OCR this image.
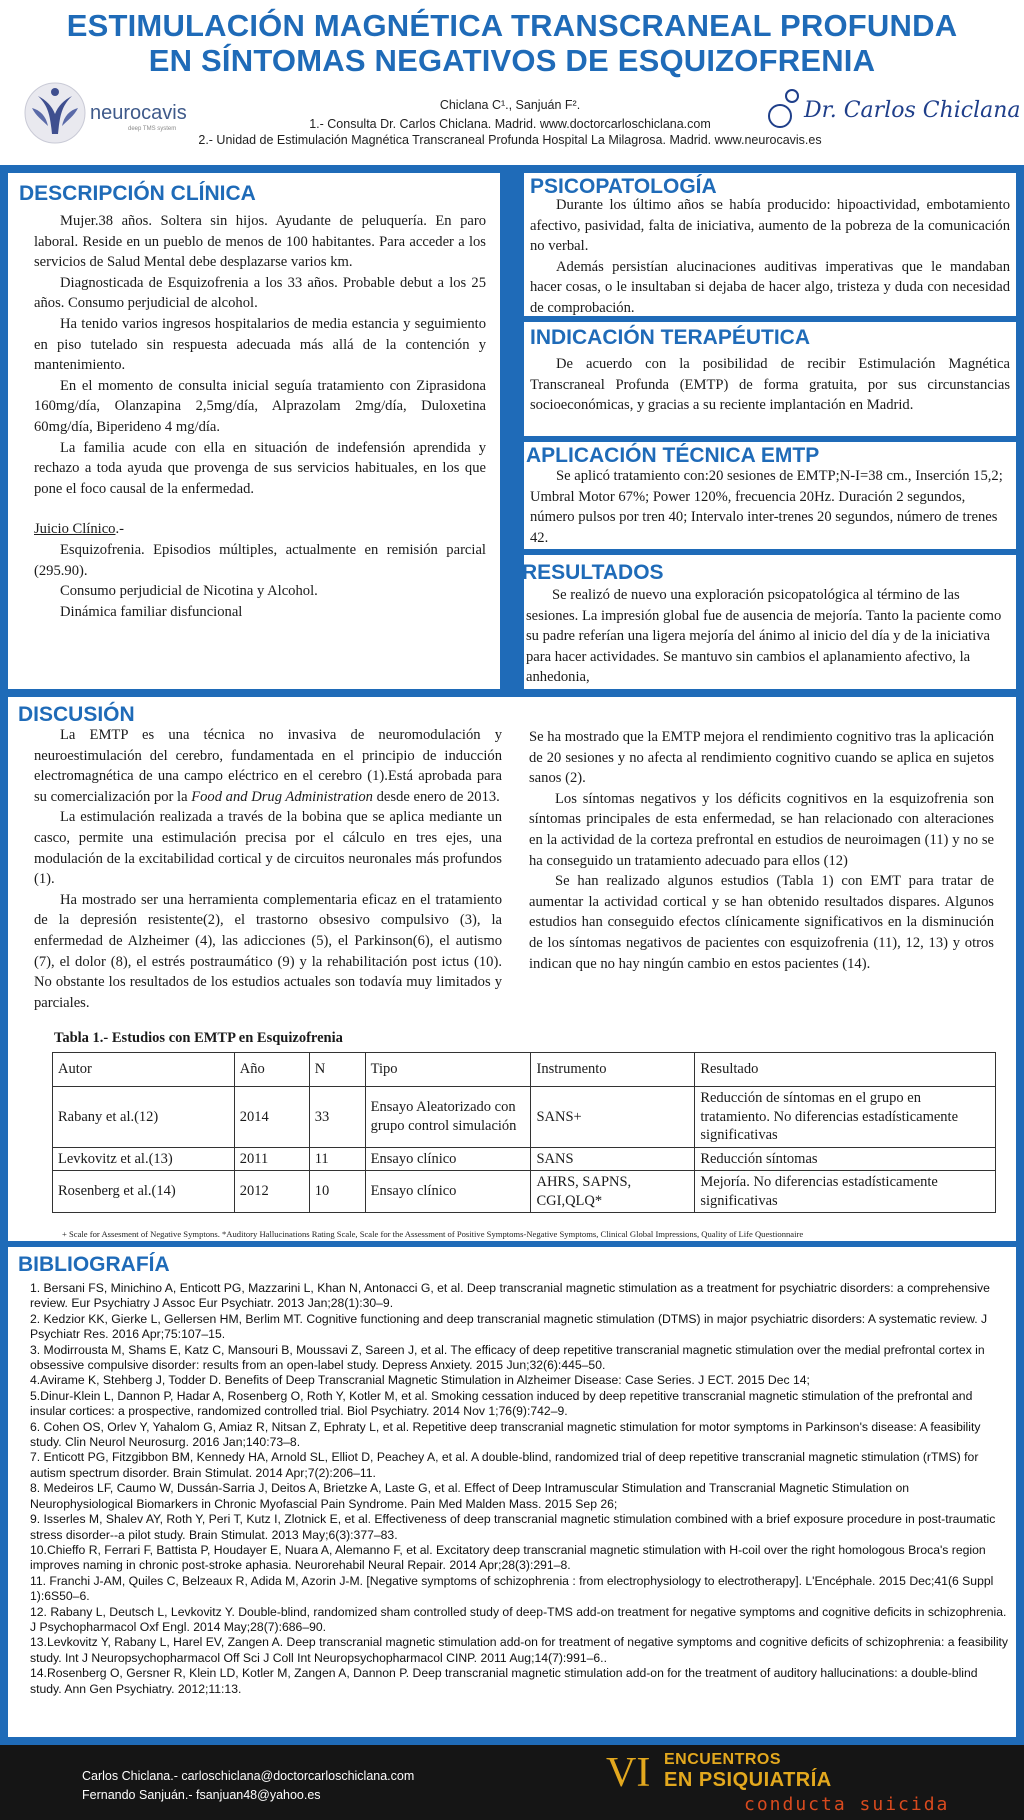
ESTIMULACIÓN MAGNÉTICA TRANSCRANEAL PROFUNDA
EN SÍNTOMAS NEGATIVOS DE ESQUIZOFRENIA
neurocavis
deep TMS system
Chiclana C¹., Sanjuán F².
1.- Consulta Dr. Carlos Chiclana. Madrid. www.doctorcarloschiclana.com
2.- Unidad de Estimulación Magnética Transcraneal Profunda Hospital La Milagrosa. Madrid. www.neurocavis.es
Dr. Carlos Chiclana
DESCRIPCIÓN CLÍNICA

Mujer.38 años. Soltera sin hijos. Ayudante de peluquería. En paro laboral. Reside en un pueblo de menos de 100 habitantes. Para acceder a los servicios de Salud Mental debe desplazarse varios km.

Diagnosticada de Esquizofrenia a los 33 años. Probable debut a los 25 años. Consumo perjudicial de alcohol.

Ha tenido varios ingresos hospitalarios de media estancia y seguimiento en piso tutelado sin respuesta adecuada más allá de la contención y mantenimiento.

En el momento de consulta inicial seguía tratamiento con Ziprasidona 160mg/día, Olanzapina 2,5mg/día, Alprazolam 2mg/día, Duloxetina 60mg/día, Biperideno 4 mg/día.

La familia acude con ella en situación de indefensión aprendida y rechazo a toda ayuda que provenga de sus servicios habituales, en los que pone el foco causal de la enfermedad.

Juicio Clínico.-

Esquizofrenia. Episodios múltiples, actualmente en remisión parcial (295.90).

Consumo perjudicial de Nicotina y Alcohol.

Dinámica familiar disfuncional

PSICOPATOLOGÍA

Durante los último años se había producido: hipoactividad, embotamiento afectivo, pasividad, falta de iniciativa, aumento de la pobreza de la comunicación no verbal.

Además persistían alucinaciones auditivas imperativas que le mandaban hacer cosas, o le insultaban si dejaba de hacer algo, tristeza y duda con necesidad de comprobación.

INDICACIÓN TERAPÉUTICA

De acuerdo con la posibilidad de recibir Estimulación Magnética Transcraneal Profunda (EMTP) de forma gratuita, por sus circunstancias socioeconómicas, y gracias a su reciente implantación en Madrid.

APLICACIÓN TÉCNICA EMTP

Se aplicó tratamiento con:20 sesiones de EMTP;N-I=38 cm., Inserción 15,2; Umbral Motor 67%; Power 120%, frecuencia 20Hz. Duración 2 segundos, número pulsos por tren 40; Intervalo inter-trenes 20 segundos, número de trenes 42.

RESULTADOS

Se realizó de nuevo una exploración psicopatológica al término de las sesiones. La impresión global fue de ausencia de mejoría. Tanto la paciente como su padre referían una ligera mejoría del ánimo al inicio del día y de la iniciativa para hacer actividades. Se mantuvo sin cambios el aplanamiento afectivo, la anhedonia,

DISCUSIÓN

La EMTP es una técnica no invasiva de neuromodulación y neuroestimulación del cerebro, fundamentada en el principio de inducción electromagnética de una campo eléctrico en el cerebro (1).Está aprobada para su comercialización por la Food and Drug Administration desde enero de 2013.

La estimulación realizada a través de la bobina que se aplica mediante un casco, permite una estimulación precisa por el cálculo en tres ejes, una modulación de la excitabilidad cortical y de circuitos neuronales más profundos (1).

Ha mostrado ser una herramienta complementaria eficaz en el tratamiento de la depresión resistente(2), el trastorno obsesivo compulsivo (3), la enfermedad de Alzheimer (4), las adicciones (5), el Parkinson(6), el autismo (7), el dolor (8), el estrés postraumático (9) y la rehabilitación post ictus (10). No obstante los resultados de los estudios actuales son todavía muy limitados y parciales.

Se ha mostrado que la EMTP mejora el rendimiento cognitivo tras la aplicación de 20 sesiones y no afecta al rendimiento cognitivo cuando se aplica en sujetos sanos (2).

Los síntomas negativos y los déficits cognitivos en la esquizofrenia son síntomas principales de esta enfermedad, se han relacionado con alteraciones en la actividad de la corteza prefrontal en estudios de neuroimagen (11) y no se ha conseguido un tratamiento adecuado para ellos (12)

Se han realizado algunos estudios (Tabla 1) con EMT para tratar de aumentar la actividad cortical y se han obtenido resultados dispares. Algunos estudios han conseguido efectos clínicamente significativos en la disminución de los síntomas negativos de pacientes con esquizofrenia (11), 12, 13) y otros indican que no hay ningún cambio en estos pacientes (14).

Tabla 1.- Estudios con EMTP en Esquizofrenia
Autor	Año	N	Tipo	Instrumento	Resultado
Rabany et al.(12)	2014	33	Ensayo Aleatorizado con grupo control simulación	SANS+	Reducción de síntomas en el grupo en tratamiento. No diferencias estadísticamente significativas
Levkovitz et al.(13)	2011	11	Ensayo clínico	SANS	Reducción síntomas
Rosenberg et al.(14)	2012	10	Ensayo clínico	AHRS, SAPNS, CGI,QLQ*	Mejoría. No diferencias estadísticamente significativas
+ Scale for Assesment of Negative Symptons. *Auditory Hallucinations Rating Scale, Scale for the Assessment of Positive Symptoms-Negative Symptoms, Clinical Global Impressions, Quality of Life Questionnaire
BIBLIOGRAFÍA
1. Bersani FS, Minichino A, Enticott PG, Mazzarini L, Khan N, Antonacci G, et al. Deep transcranial magnetic stimulation as a treatment for psychiatric disorders: a comprehensive review. Eur Psychiatry J Assoc Eur Psychiatr. 2013 Jan;28(1):30–9.
2. Kedzior KK, Gierke L, Gellersen HM, Berlim MT. Cognitive functioning and deep transcranial magnetic stimulation (DTMS) in major psychiatric disorders: A systematic review. J Psychiatr Res. 2016 Apr;75:107–15.
3. Modirrousta M, Shams E, Katz C, Mansouri B, Moussavi Z, Sareen J, et al. The efficacy of deep repetitive transcranial magnetic stimulation over the medial prefrontal cortex in obsessive compulsive disorder: results from an open-label study. Depress Anxiety. 2015 Jun;32(6):445–50.
4.Avirame K, Stehberg J, Todder D. Benefits of Deep Transcranial Magnetic Stimulation in Alzheimer Disease: Case Series. J ECT. 2015 Dec 14;
5.Dinur-Klein L, Dannon P, Hadar A, Rosenberg O, Roth Y, Kotler M, et al. Smoking cessation induced by deep repetitive transcranial magnetic stimulation of the prefrontal and insular cortices: a prospective, randomized controlled trial. Biol Psychiatry. 2014 Nov 1;76(9):742–9.
6. Cohen OS, Orlev Y, Yahalom G, Amiaz R, Nitsan Z, Ephraty L, et al. Repetitive deep transcranial magnetic stimulation for motor symptoms in Parkinson's disease: A feasibility study. Clin Neurol Neurosurg. 2016 Jan;140:73–8.
7. Enticott PG, Fitzgibbon BM, Kennedy HA, Arnold SL, Elliot D, Peachey A, et al. A double-blind, randomized trial of deep repetitive transcranial magnetic stimulation (rTMS) for autism spectrum disorder. Brain Stimulat. 2014 Apr;7(2):206–11.
8. Medeiros LF, Caumo W, Dussán-Sarria J, Deitos A, Brietzke A, Laste G, et al. Effect of Deep Intramuscular Stimulation and Transcranial Magnetic Stimulation on Neurophysiological Biomarkers in Chronic Myofascial Pain Syndrome. Pain Med Malden Mass. 2015 Sep 26;
9. Isserles M, Shalev AY, Roth Y, Peri T, Kutz I, Zlotnick E, et al. Effectiveness of deep transcranial magnetic stimulation combined with a brief exposure procedure in post-traumatic stress disorder--a pilot study. Brain Stimulat. 2013 May;6(3):377–83.
10.Chieffo R, Ferrari F, Battista P, Houdayer E, Nuara A, Alemanno F, et al. Excitatory deep transcranial magnetic stimulation with H-coil over the right homologous Broca's region improves naming in chronic post-stroke aphasia. Neurorehabil Neural Repair. 2014 Apr;28(3):291–8.
11. Franchi J-AM, Quiles C, Belzeaux R, Adida M, Azorin J-M. [Negative symptoms of schizophrenia : from electrophysiology to electrotherapy]. L'Encéphale. 2015 Dec;41(6 Suppl 1):6S50–6.
12. Rabany L, Deutsch L, Levkovitz Y. Double-blind, randomized sham controlled study of deep-TMS add-on treatment for negative symptoms and cognitive deficits in schizophrenia. J Psychopharmacol Oxf Engl. 2014 May;28(7):686–90.
13.Levkovitz Y, Rabany L, Harel EV, Zangen A. Deep transcranial magnetic stimulation add-on for treatment of negative symptoms and cognitive deficits of schizophrenia: a feasibility study. Int J Neuropsychopharmacol Off Sci J Coll Int Neuropsychopharmacol CINP. 2011 Aug;14(7):991–6..
14.Rosenberg O, Gersner R, Klein LD, Kotler M, Zangen A, Dannon P. Deep transcranial magnetic stimulation add-on for the treatment of auditory hallucinations: a double-blind study. Ann Gen Psychiatry. 2012;11:13.
Carlos Chiclana.- carloschiclana@doctorcarloschiclana.com
Fernando Sanjuán.- fsanjuan48@yahoo.es	VI ENCUENTROS
EN PSIQUIATRÍA
conducta suicida
